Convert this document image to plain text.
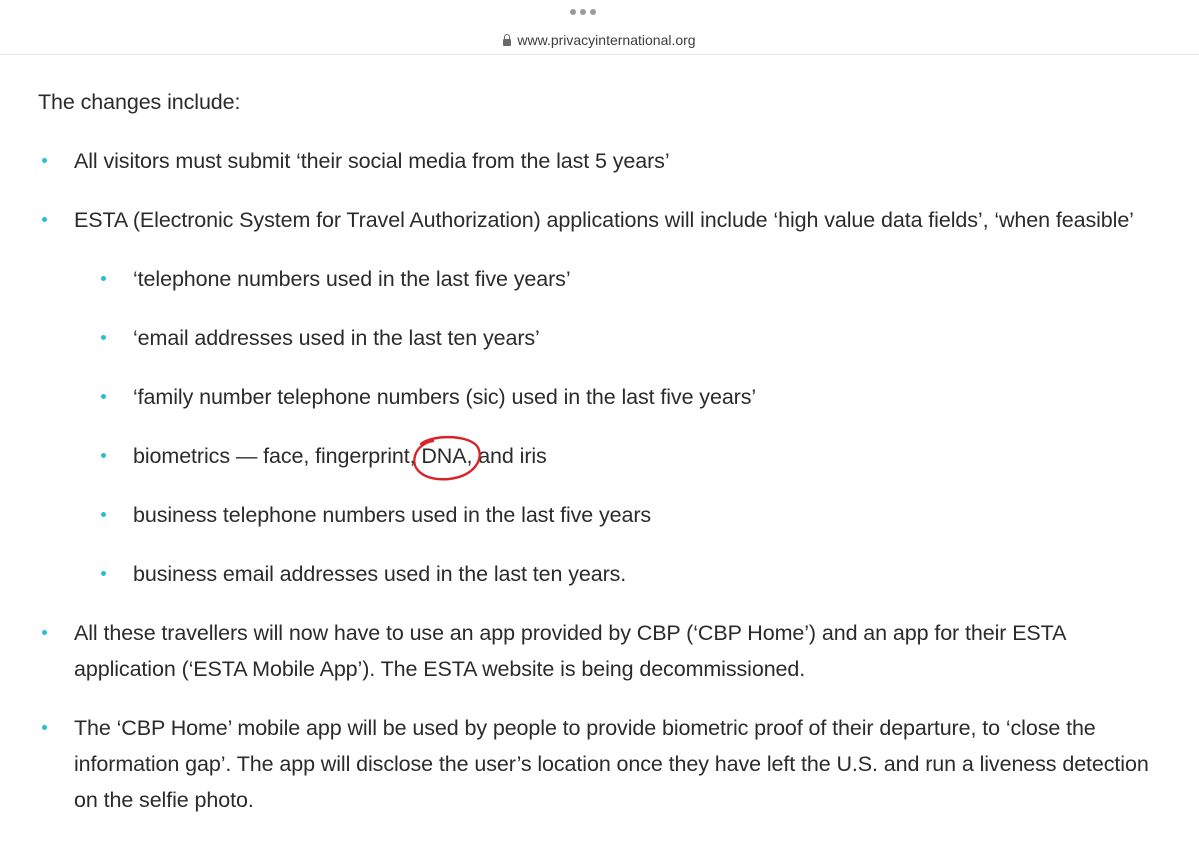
www.privacyinternational.org

The changes include:

All visitors must submit ‘their social media from the last 5 years’
ESTA (Electronic System for Travel Authorization) applications will include ‘high value data fields’, ‘when feasible’
‘telephone numbers used in the last five years’
‘email addresses used in the last ten years’
‘family number telephone numbers (sic) used in the last five years’
biometrics — face, fingerprint, DNA
, and iris
business telephone numbers used in the last five years
business email addresses used in the last ten years.
All these travellers will now have to use an app provided by CBP (‘CBP Home’) and an app for their ESTA application (‘ESTA Mobile App’). The ESTA website is being decommissioned.
The ‘CBP Home’ mobile app will be used by people to provide biometric proof of their departure, to ‘close the information gap’. The app will disclose the user’s location once they have left the U.S. and run a liveness detection on the selfie photo.
